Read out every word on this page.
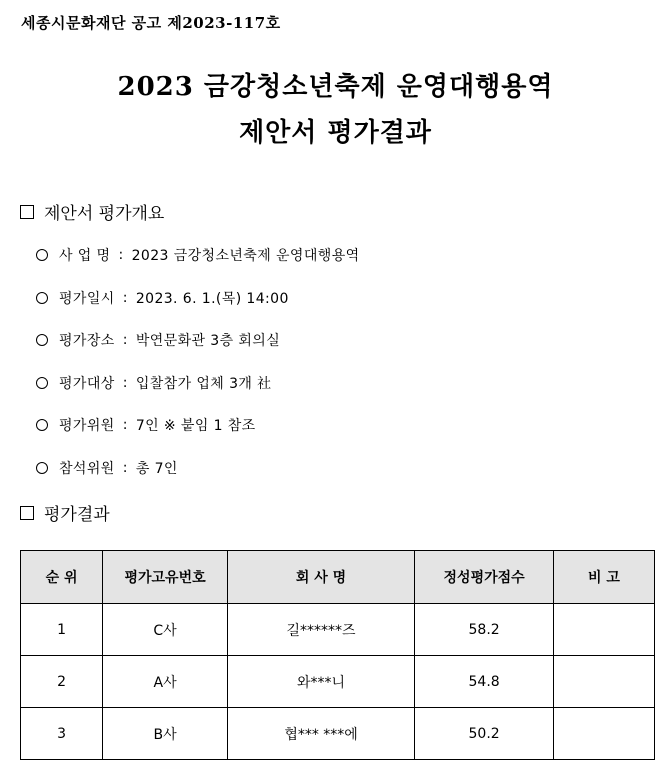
세종시문화재단 공고 제2023-117호
2023 금강청소년축제 운영대행용역
제안서 평가결과
제안서 평가개요
사 업 명 : 2023 금강청소년축제 운영대행용역
평가일시 : 2023. 6. 1.(목) 14:00
평가장소 : 박연문화관 3층 회의실
평가대상 : 입찰참가 업체 3개 社
평가위원 : 7인 ※ 붙임 1 참조
참석위원 : 총 7인
평가결과
순 위	평가고유번호	회 사 명	정성평가점수	비 고
1	C사	길******즈	58.2	
2	A사	와***니	54.8	
3	B사	협*** ***에	50.2	
